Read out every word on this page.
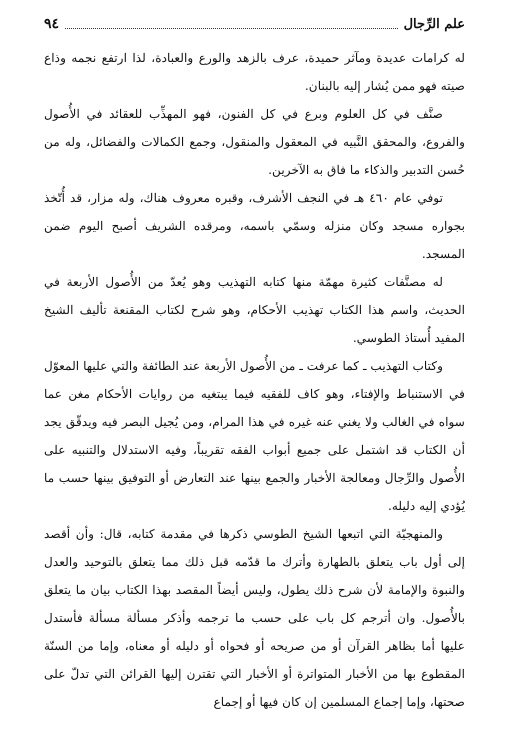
علم الرِّجال
٩٤

له كرامات عديدة ومآثر حميدة، عرف بالزهد والورع والعبادة، لذا ارتفع نجمه وذاع صيته فهو ممن يُشار إليه بالبنان.

صنَّف في كل العلوم وبرع في كل الفنون، فهو المهذِّب للعقائد في الأُصول والفروع، والمحقق النَّبيه في المعقول والمنقول، وجمع الكمالات والفضائل، وله من حُسن التدبير والذكاء ما فاق به الآخرين.

توفي عام ٤٦٠ هـ في النجف الأشرف، وقبره معروف هناك، وله مزار، قد أُتّخذ بجواره مسجد وكان منزله وسمّي باسمه، ومرقده الشريف أصبح اليوم ضمن المسجد.

له مصنَّفات كثيرة مهمّة منها كتابه التهذيب وهو يُعدّ من الأُصول الأربعة في الحديث، واسم هذا الكتاب تهذيب الأحكام، وهو شرح لكتاب المقنعة تأليف الشيخ المفيد أُستاذ الطوسي.

وكتاب التهذيب ـ كما عرفت ـ من الأُصول الأربعة عند الطائفة والتي عليها المعوّل في الاستنباط والإفتاء، وهو كاف للفقيه فيما يبتغيه من روايات الأحكام مغن عما سواه في الغالب ولا يغني عنه غيره في هذا المرام، ومن يُجيل البصر فيه ويدقّق يجد أن الكتاب قد اشتمل على جميع أبواب الفقه تقريباً، وفيه الاستدلال والتنبيه على الأُصول والرِّجال ومعالجة الأخبار والجمع بينها عند التعارض أو التوفيق بينها حسب ما يُؤدي إليه دليله.

والمنهجيّة التي اتبعها الشيخ الطوسي ذكرها في مقدمة كتابه، قال: وأن أقصد إلى أول باب يتعلق بالطهارة وأترك ما قدّمه قبل ذلك مما يتعلق بالتوحيد والعدل والنبوة والإمامة لأن شرح ذلك يطول، وليس أيضاً المقصد بهذا الكتاب بيان ما يتعلق بالأُصول. وان أترجم كل باب على حسب ما ترجمه وأذكر مسألة مسألة فأستدل عليها أما بظاهر القرآن أو من صريحه أو فحواه أو دليله أو معناه، وإما من السنّة المقطوع بها من الأخبار المتواترة أو الأخبار التي تقترن إليها القرائن التي تدلّ على صحتها، وإما إجماع المسلمين إن كان فيها أو إجماع
